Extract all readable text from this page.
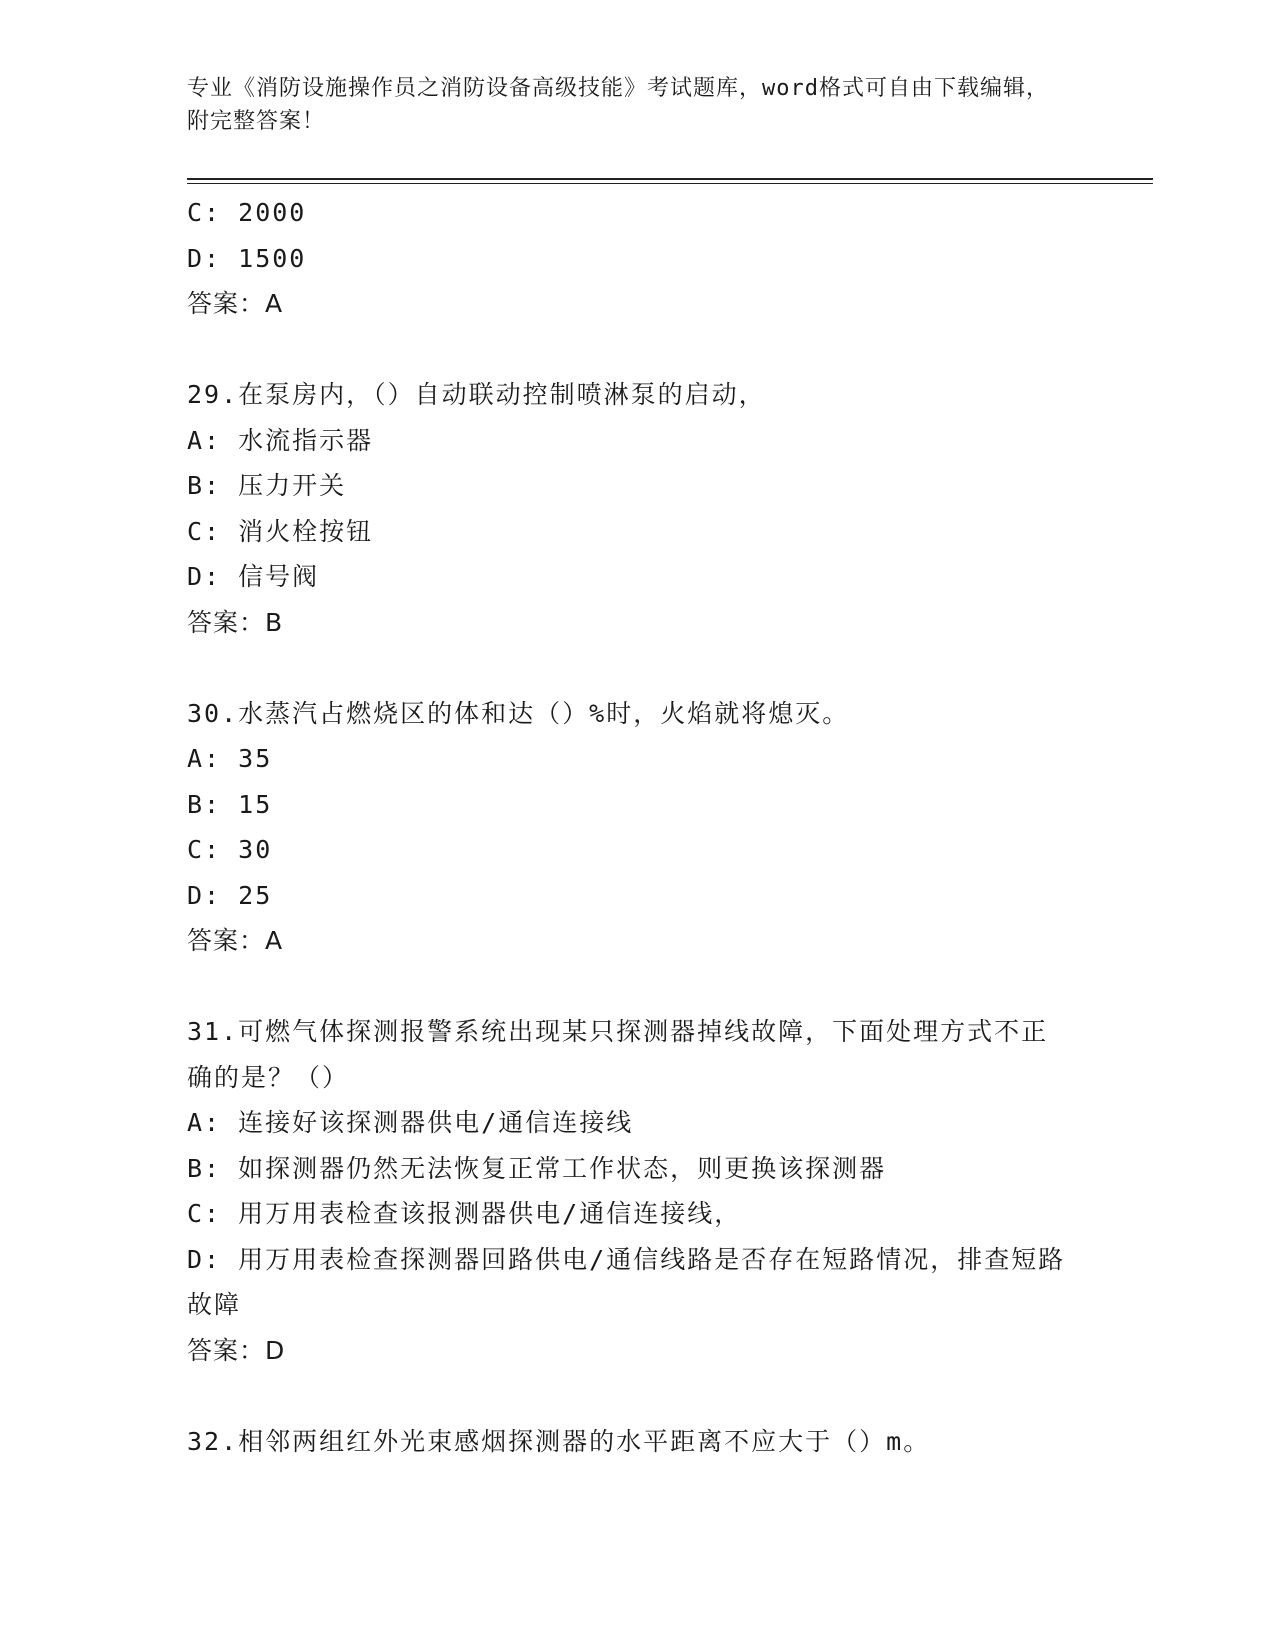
专业《消防设施操作员之消防设备高级技能》考试题库，word格式可自由下载编辑，附完整答案！
C: 2000
D: 1500
答案：A
29.在泵房内，（）自动联动控制喷淋泵的启动，
A: 水流指示器
B: 压力开关
C: 消火栓按钮
D: 信号阀
答案：B
30.水蒸汽占燃烧区的体和达（）%时，火焰就将熄灭。
A: 35
B: 15
C: 30
D: 25
答案：A
31.可燃气体探测报警系统出现某只探测器掉线故障，下面处理方式不正确的是？（）
A: 连接好该探测器供电/通信连接线
B: 如探测器仍然无法恢复正常工作状态，则更换该探测器
C: 用万用表检查该报测器供电/通信连接线，
D: 用万用表检查探测器回路供电/通信线路是否存在短路情况，排查短路故障
答案：D
32.相邻两组红外光束感烟探测器的水平距离不应大于（）m。
